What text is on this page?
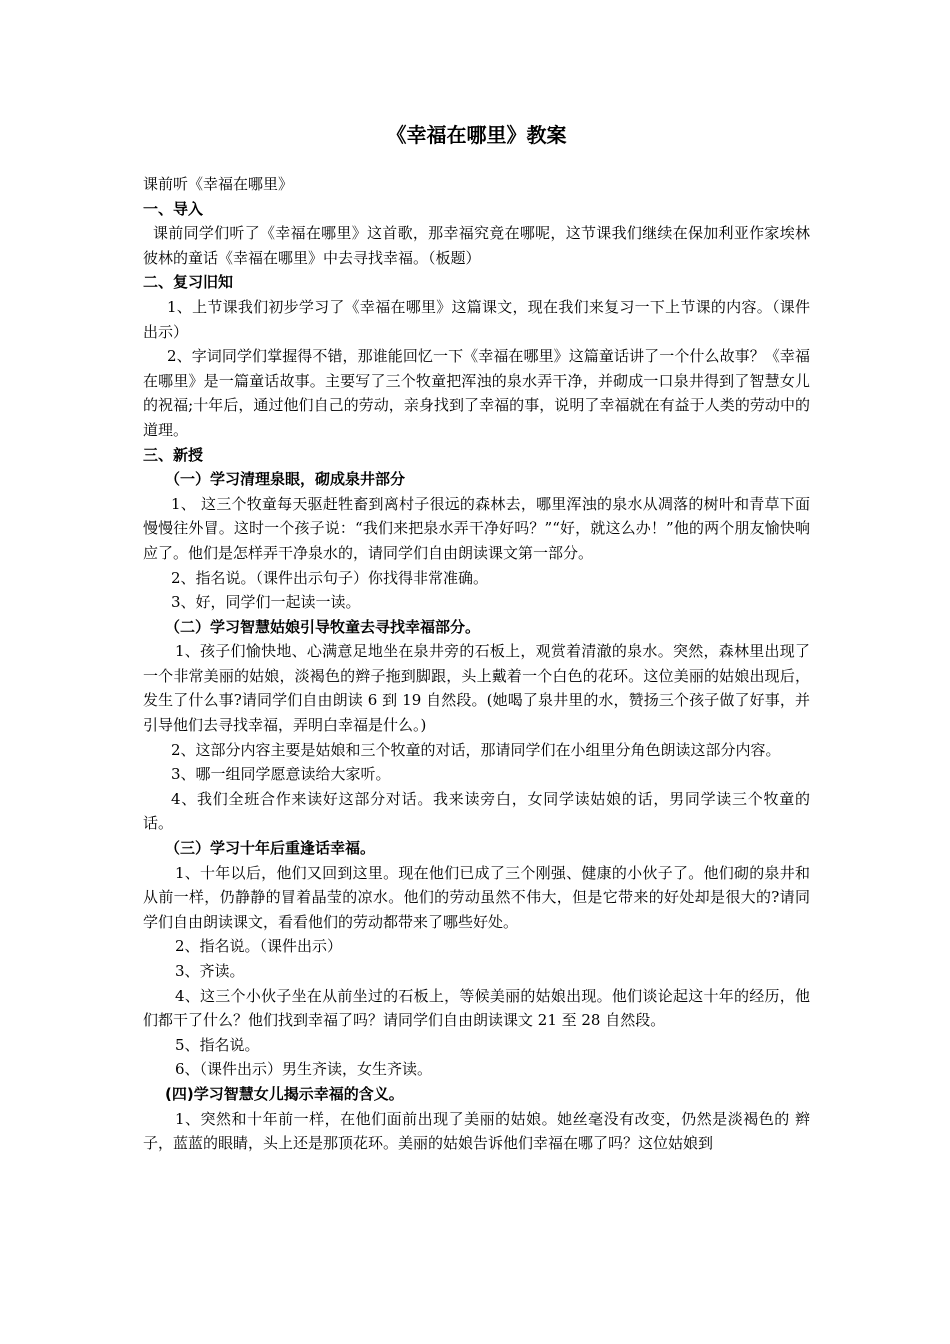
《幸福在哪里》教案

课前听《幸福在哪里》

一、导入

课前同学们听了《幸福在哪里》这首歌，那幸福究竟在哪呢，这节课我们继续在保加利亚作家埃林彼林的童话《幸福在哪里》中去寻找幸福。（板题）

二、复习旧知

1、上节课我们初步学习了《幸福在哪里》这篇课文，现在我们来复习一下上节课的内容。（课件出示）

2、字词同学们掌握得不错，那谁能回忆一下《幸福在哪里》这篇童话讲了一个什么故事？《幸福在哪里》是一篇童话故事。主要写了三个牧童把浑浊的泉水弄干净，并砌成一口泉井得到了智慧女儿的祝福;十年后，通过他们自己的劳动，亲身找到了幸福的事，说明了幸福就在有益于人类的劳动中的道理。

三、新授

（一）学习清理泉眼，砌成泉井部分

1、 这三个牧童每天驱赶牲畜到离村子很远的森林去，哪里浑浊的泉水从凋落的树叶和青草下面慢慢往外冒。这时一个孩子说：“我们来把泉水弄干净好吗？”“好，就这么办！”他的两个朋友愉快响应了。他们是怎样弄干净泉水的，请同学们自由朗读课文第一部分。

2、指名说。（课件出示句子）你找得非常准确。

3、好，同学们一起读一读。

（二）学习智慧姑娘引导牧童去寻找幸福部分。

1、孩子们愉快地、心满意足地坐在泉井旁的石板上，观赏着清澈的泉水。突然，森林里出现了一个非常美丽的姑娘，淡褐色的辫子拖到脚跟，头上戴着一个白色的花环。这位美丽的姑娘出现后，发生了什么事?请同学们自由朗读 6 到 19 自然段。(她喝了泉井里的水，赞扬三个孩子做了好事，并引导他们去寻找幸福，弄明白幸福是什么。)

2、这部分内容主要是姑娘和三个牧童的对话，那请同学们在小组里分角色朗读这部分内容。

3、哪一组同学愿意读给大家听。

4、我们全班合作来读好这部分对话。我来读旁白，女同学读姑娘的话，男同学读三个牧童的话。

（三）学习十年后重逢话幸福。

1、十年以后，他们又回到这里。现在他们已成了三个刚强、健康的小伙子了。他们砌的泉井和从前一样，仍静静的冒着晶莹的凉水。他们的劳动虽然不伟大，但是它带来的好处却是很大的?请同学们自由朗读课文，看看他们的劳动都带来了哪些好处。

2、指名说。（课件出示）

3、齐读。

4、这三个小伙子坐在从前坐过的石板上，等候美丽的姑娘出现。他们谈论起这十年的经历，他们都干了什么？他们找到幸福了吗？请同学们自由朗读课文 21 至 28 自然段。

5、指名说。

6、（课件出示）男生齐读，女生齐读。

(四)学习智慧女儿揭示幸福的含义。

1、突然和十年前一样，在他们面前出现了美丽的姑娘。她丝毫没有改变，仍然是淡褐色的 辫子，蓝蓝的眼睛，头上还是那顶花环。美丽的姑娘告诉他们幸福在哪了吗？这位姑娘到
